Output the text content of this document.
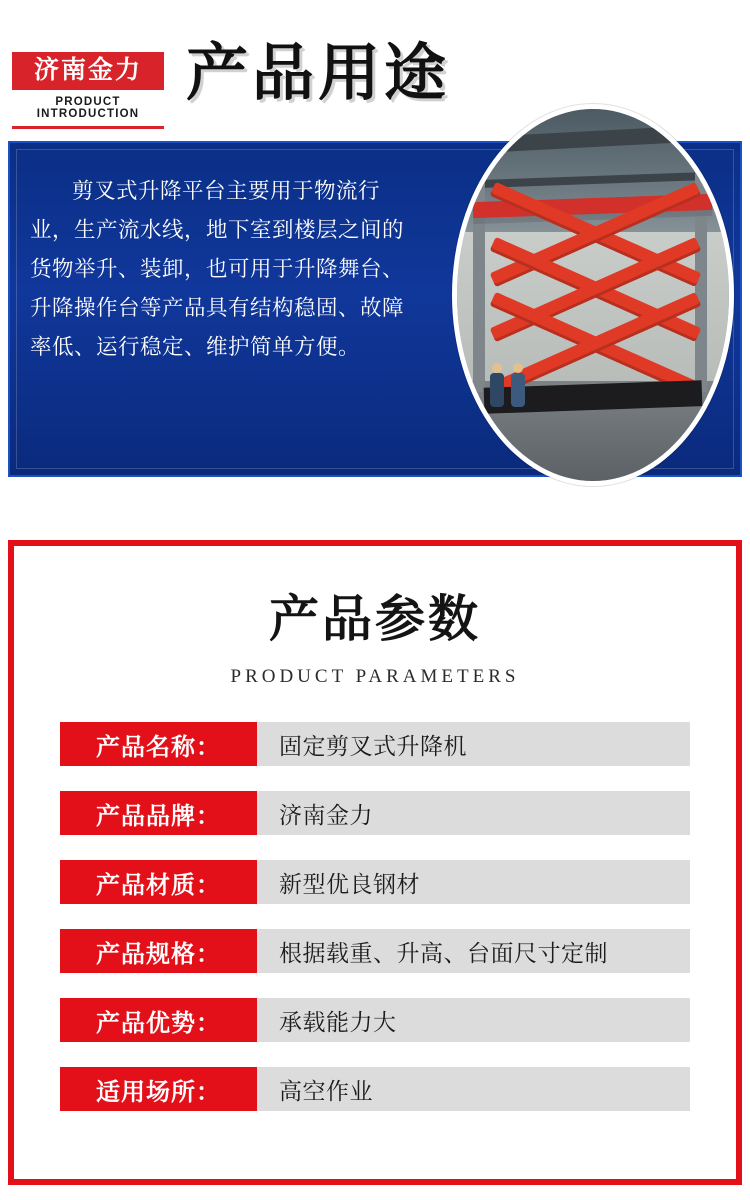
济南金力
PRODUCT INTRODUCTION
产品用途
剪叉式升降平台主要用于物流行业，生产流水线，地下室到楼层之间的货物举升、装卸，也可用于升降舞台、升降操作台等产品具有结构稳固、故障率低、运行稳定、维护简单方便。
产品参数
PRODUCT PARAMETERS
产品名称：	固定剪叉式升降机
产品品牌：	济南金力
产品材质：	新型优良钢材
产品规格：	根据载重、升高、台面尺寸定制
产品优势：	承载能力大
适用场所：	高空作业
